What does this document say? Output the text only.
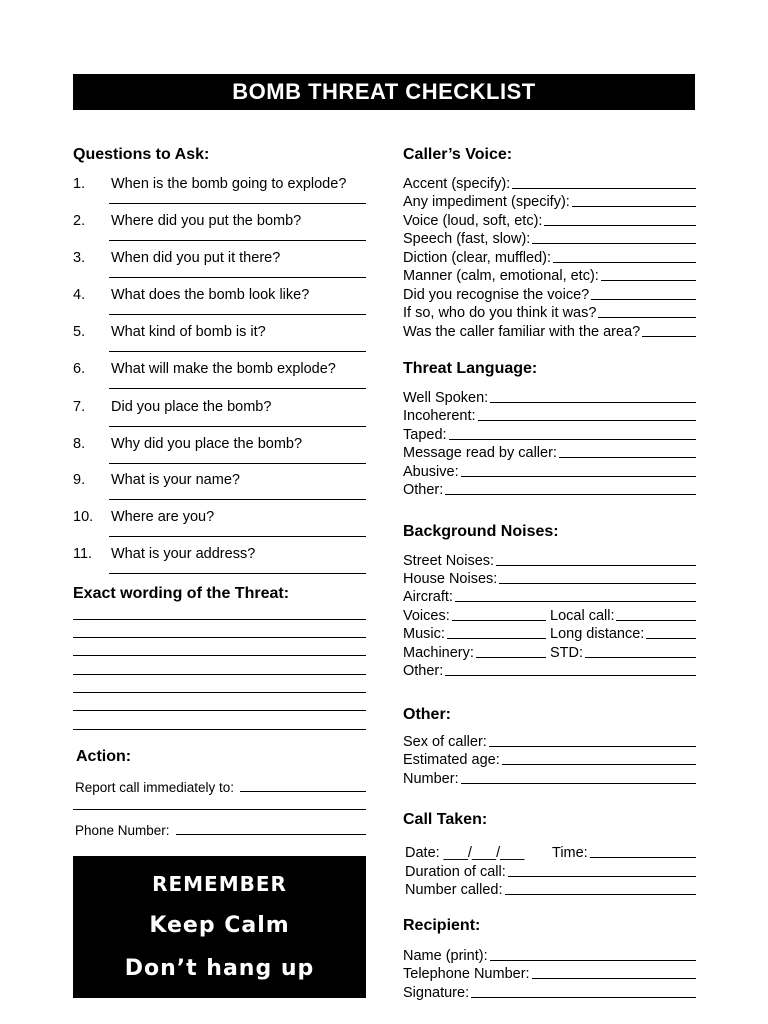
BOMB THREAT CHECKLIST
Questions to Ask:
1. When is the bomb going to explode?
2. Where did you put the bomb?
3. When did you put it there?
4. What does the bomb look like?
5. What kind of bomb is it?
6. What will make the bomb explode?
7. Did you place the bomb?
8. Why did you place the bomb?
9. What is your name?
10. Where are you?
11. What is your address?
Exact wording of the Threat:
Action:
Report call immediately to:
Phone Number:
REMEMBER
Keep Calm
Don’t hang up
Caller’s Voice:
Accent (specify):
Any impediment (specify):
Voice (loud, soft, etc):
Speech (fast, slow):
Diction (clear, muffled):
Manner (calm, emotional, etc):
Did you recognise the voice?
If so, who do you think it was?
Was the caller familiar with the area?
Threat Language:
Well Spoken:
Incoherent:
Taped:
Message read by caller:
Abusive:
Other:
Background Noises:
Street Noises:
House Noises:
Aircraft:
Voices:	Local call:
Music:	Long distance:
Machinery:	STD:
Other:
Other:
Sex of caller:
Estimated age:
Number:
Call Taken:
Date: ___/___/___ Time:
Duration of call:
Number called:
Recipient:
Name (print):
Telephone Number:
Signature:
